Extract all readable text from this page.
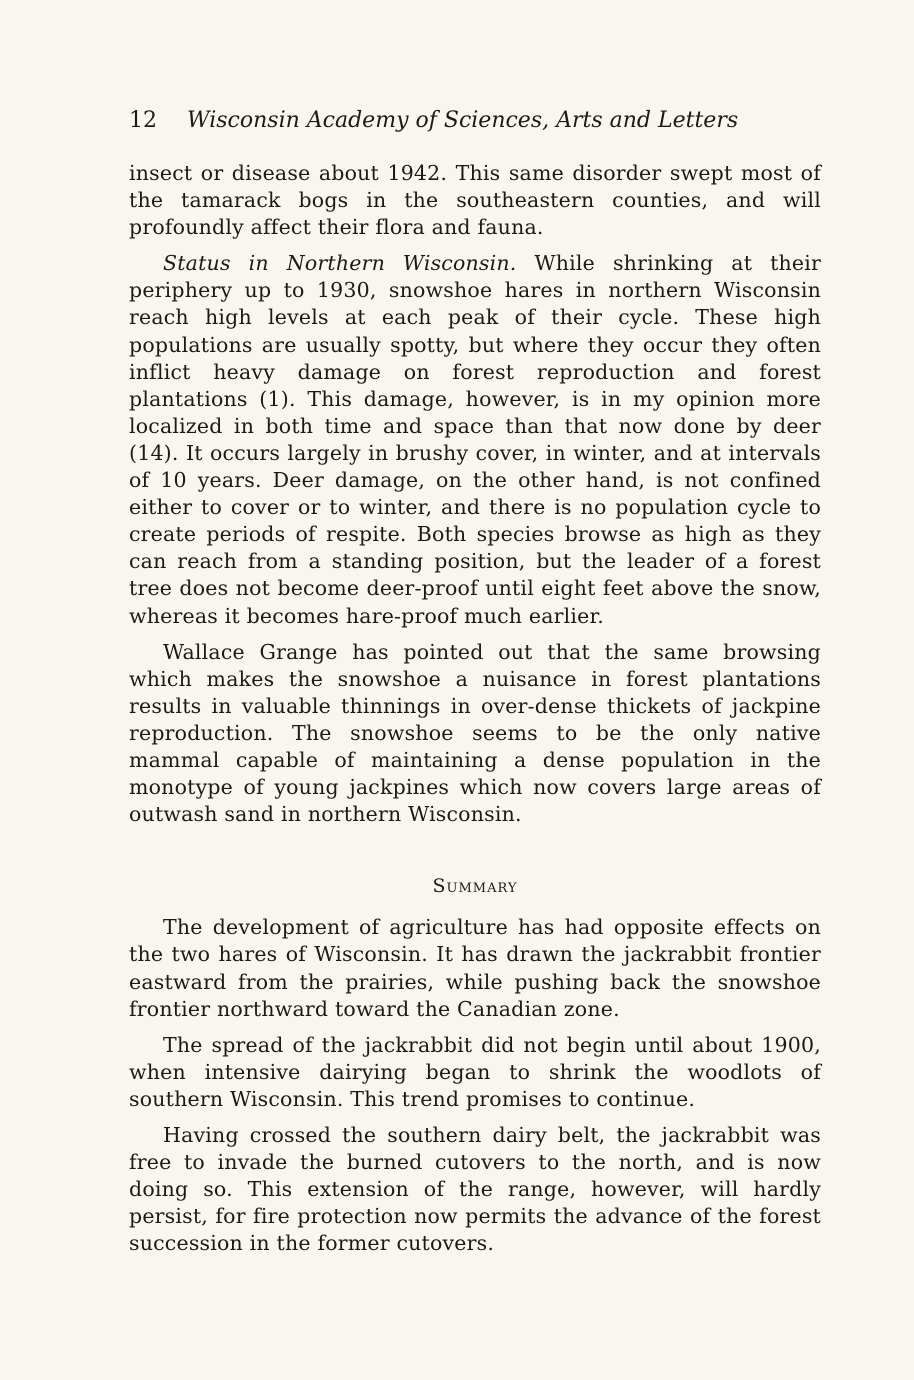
12 Wisconsin Academy of Sciences, Arts and Letters

insect or disease about 1942. This same disorder swept most of the tamarack bogs in the southeastern counties, and will profoundly affect their flora and fauna.

Status in Northern Wisconsin. While shrinking at their periphery up to 1930, snowshoe hares in northern Wisconsin reach high levels at each peak of their cycle. These high populations are usually spotty, but where they occur they often inflict heavy damage on forest reproduction and forest plantations (1). This damage, however, is in my opinion more localized in both time and space than that now done by deer (14). It occurs largely in brushy cover, in winter, and at intervals of 10 years. Deer damage, on the other hand, is not confined either to cover or to winter, and there is no population cycle to create periods of respite. Both species browse as high as they can reach from a standing position, but the leader of a forest tree does not become deer-proof until eight feet above the snow, whereas it becomes hare-proof much earlier.

Wallace Grange has pointed out that the same browsing which makes the snowshoe a nuisance in forest plantations results in valuable thinnings in over-dense thickets of jackpine reproduction. The snowshoe seems to be the only native mammal capable of maintaining a dense population in the monotype of young jackpines which now covers large areas of outwash sand in northern Wisconsin.

Summary

The development of agriculture has had opposite effects on the two hares of Wisconsin. It has drawn the jackrabbit frontier eastward from the prairies, while pushing back the snowshoe frontier northward toward the Canadian zone.

The spread of the jackrabbit did not begin until about 1900, when intensive dairying began to shrink the woodlots of southern Wisconsin. This trend promises to continue.

Having crossed the southern dairy belt, the jackrabbit was free to invade the burned cutovers to the north, and is now doing so. This extension of the range, however, will hardly persist, for fire protection now permits the advance of the forest succession in the former cutovers.
